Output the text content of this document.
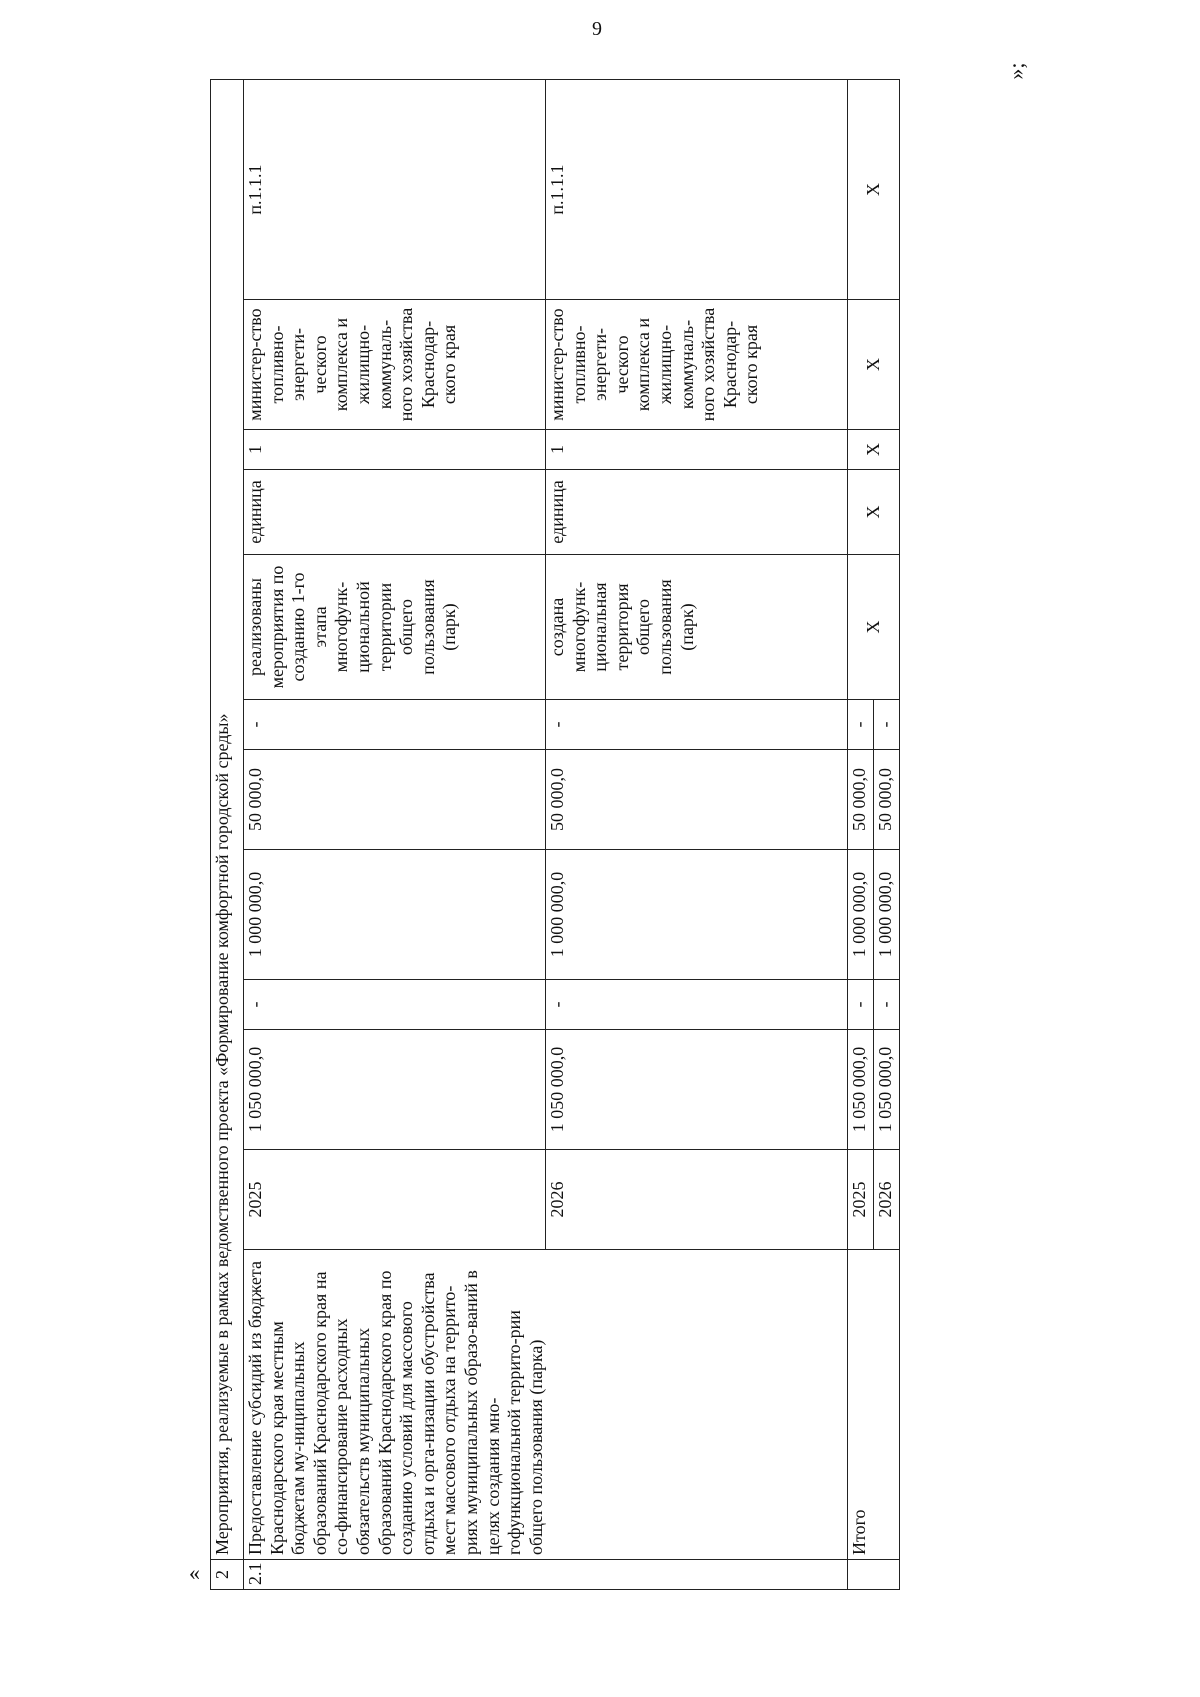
9
«
»;
2	Мероприятия, реализуемые в рамках ведомственного проекта «Формирование комфортной городской среды»											
2.1	Предоставление субсидий из бюджета Краснодарского края местным бюджетам му-ниципальных образований Краснодарского края на со-финансирование расходных обязательств муниципальных образований Краснодарского края по созданию условий для массового отдыха и орга-низации обустройства мест массового отдыха на террито-риях муниципальных образо-ваний в целях создания мно-гофункциональной террито-рии общего пользования (парка)	2025	1 050 000,0	-	1 000 000,0	50 000,0	-	реализованы мероприятия по созданию 1-го этапа многофунк-циональной территории общего пользования (парк)	единица	1	министер-ство топливно-энергети-ческого комплекса и жилищно-коммуналь-ного хозяйства Краснодар-ского края	п.1.1.1
		2026	1 050 000,0	-	1 000 000,0	50 000,0	-	создана многофунк-циональная территория общего пользования (парк)	единица	1	министер-ство топливно-энергети-ческого комплекса и жилищно-коммуналь-ного хозяйства Краснодар-ского края	п.1.1.1
	Итого	2025	1 050 000,0	-	1 000 000,0	50 000,0	-	X	X	X	X	X
		2026	1 050 000,0	-	1 000 000,0	50 000,0	-					
